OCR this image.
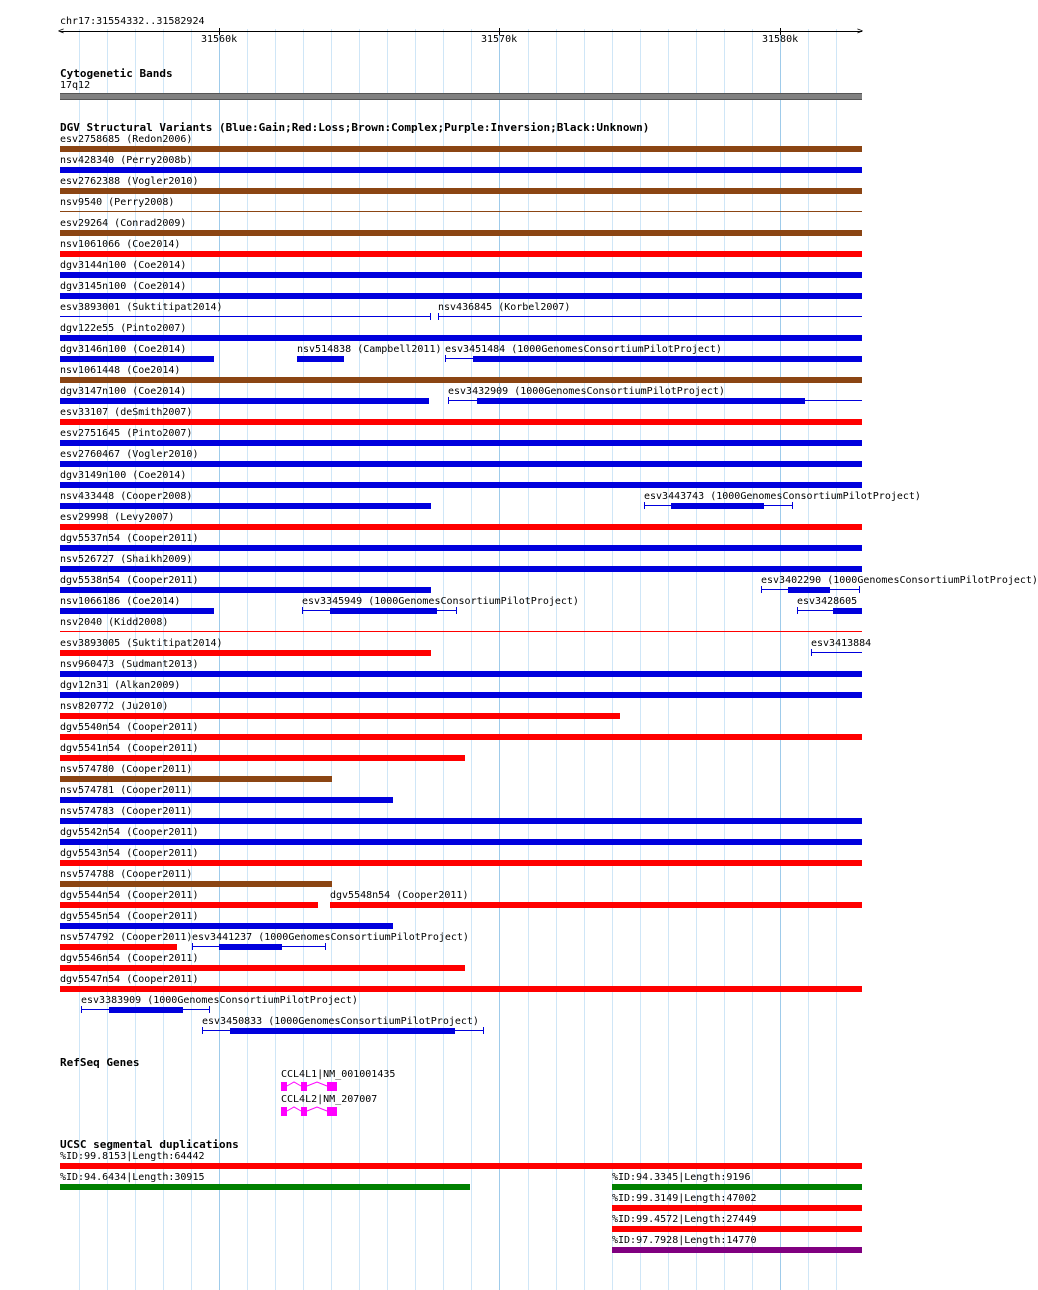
chr17:31554332..31582924
<	>
31560k	31570k	31580k
Cytogenetic Bands
17q12
DGV Structural Variants (Blue:Gain;Red:Loss;Brown:Complex;Purple:Inversion;Black:Unknown)
esv2758685 (Redon2006)
nsv428340 (Perry2008b)
esv2762388 (Vogler2010)
nsv9540 (Perry2008)
esv29264 (Conrad2009)
nsv1061066 (Coe2014)
dgv3144n100 (Coe2014)
dgv3145n100 (Coe2014)
esv3893001 (Suktitipat2014)	nsv436845 (Korbel2007)
dgv122e55 (Pinto2007)
dgv3146n100 (Coe2014)	nsv514838 (Campbell2011) esv3451484 (1000GenomesConsortiumPilotProject)
nsv1061448 (Coe2014)
dgv3147n100 (Coe2014)	esv3432909 (1000GenomesConsortiumPilotProject)
esv33107 (deSmith2007)
esv2751645 (Pinto2007)
esv2760467 (Vogler2010)
dgv3149n100 (Coe2014)
nsv433448 (Cooper2008)	esv3443743 (1000GenomesConsortiumPilotProject)
esv29998 (Levy2007)
dgv5537n54 (Cooper2011)
nsv526727 (Shaikh2009)
dgv5538n54 (Cooper2011)	esv3402290 (1000GenomesConsortiumPilotProject)
nsv1066186 (Coe2014)	esv3345949 (1000GenomesConsortiumPilotProject)	esv3428605
nsv2040 (Kidd2008)
esv3893005 (Suktitipat2014)	esv3413884
nsv960473 (Sudmant2013)
dgv12n31 (Alkan2009)
nsv820772 (Ju2010)
dgv5540n54 (Cooper2011)
dgv5541n54 (Cooper2011)
nsv574780 (Cooper2011)
nsv574781 (Cooper2011)
nsv574783 (Cooper2011)
dgv5542n54 (Cooper2011)
dgv5543n54 (Cooper2011)
nsv574788 (Cooper2011)
dgv5544n54 (Cooper2011)	dgv5548n54 (Cooper2011)
dgv5545n54 (Cooper2011)
nsv574792 (Cooper2011) esv3441237 (1000GenomesConsortiumPilotProject)
dgv5546n54 (Cooper2011)
dgv5547n54 (Cooper2011)
esv3383909 (1000GenomesConsortiumPilotProject)
esv3450833 (1000GenomesConsortiumPilotProject)
RefSeq Genes
CCL4L1|NM_001001435
CCL4L2|NM_207007
UCSC segmental duplications
%ID:99.8153|Length:64442
%ID:94.6434|Length:30915	%ID:94.3345|Length:9196
%ID:99.3149|Length:47002
%ID:99.4572|Length:27449
%ID:97.7928|Length:14770
